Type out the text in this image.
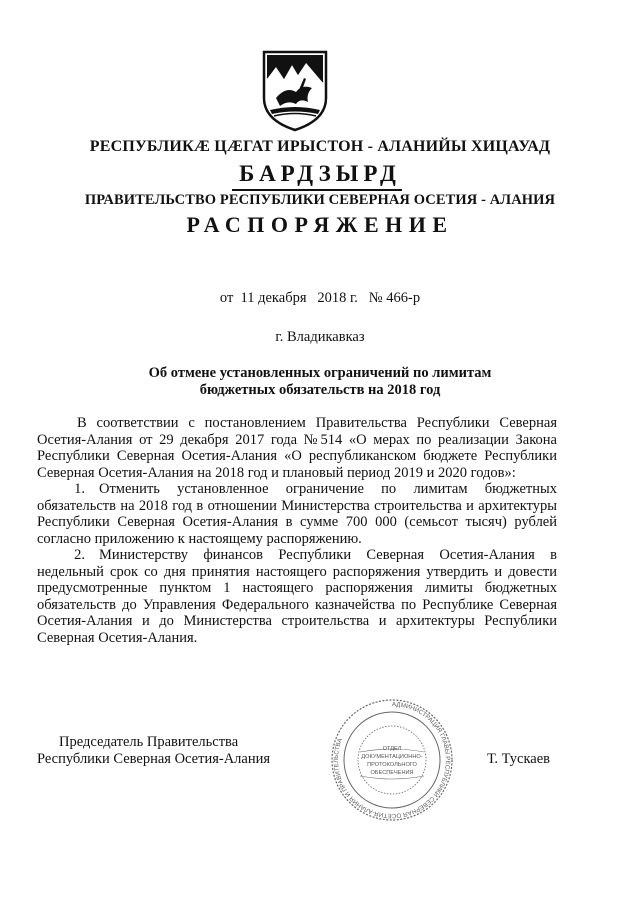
РЕСПУБЛИКӔ ЦӔГАТ ИРЫСТОН - АЛАНИЙЫ ХИЦАУАД
БАРДЗЫРД
ПРАВИТЕЛЬСТВО РЕСПУБЛИКИ СЕВЕРНАЯ ОСЕТИЯ - АЛАНИЯ
РАСПОРЯЖЕНИЕ
от  11 декабря   2018 г.   № 466-р
г. Владикавказ
Об отмене установленных ограничений по лимитам
бюджетных обязательств на 2018 год

В соответствии с постановлением Правительства Республики Северная Осетия-Алания от 29 декабря 2017 года №514 «О мерах по реализации Закона Республики Северная Осетия-Алания «О республиканском бюджете Республики Северная Осетия-Алания на 2018 год и плановый период 2019 и 2020 годов»:

1. Отменить установленное ограничение по лимитам бюджетных обязательств на 2018 год в отношении Министерства строительства и архитектуры Республики Северная Осетия-Алания в сумме 700 000 (семьсот тысяч) рублей согласно приложению к настоящему распоряжению.

2. Министерству финансов Республики Северная Осетия-Алания в недельный срок со дня принятия настоящего распоряжения утвердить и довести предусмотренные пунктом 1 настоящего распоряжения лимиты бюджетных обязательств до Управления Федерального казначейства по Республике Северная Осетия-Алания и до Министерства строительства и архитектуры Республики Северная Осетия-Алания.

Председатель Правительства
Республики Северная Осетия-Алания	Т. Тускаев
АДМИНИСТРАЦИЯ ГЛАВЫ РЕСПУБЛИКИ СЕВЕРНАЯ ОСЕТИЯ-АЛАНИЯ И ПРАВИТЕЛЬСТВА
ОТДЕЛ
ДОКУМЕНТАЦИОННО-
ПРОТОКОЛЬНОГО
ОБЕСПЕЧЕНИЯ
